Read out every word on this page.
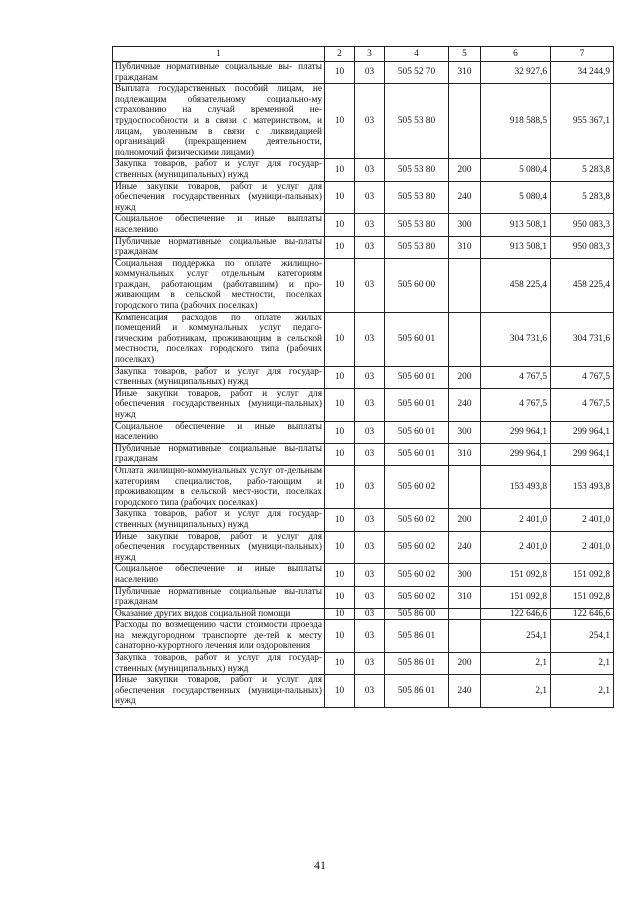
1	2	3	4	5	6	7
Публичные нормативные социальные вы- платы гражданам	10	03	505 52 70	310	32 927,6	34 244,9
Выплата государственных пособий лицам, не подлежащим обязательному социально-му страхованию на случай временной не-трудоспособности и в связи с материнством, и лицам, уволенным в связи с ликвидацией организаций (прекращением деятельности, полномочий физическими лицами)	10	03	505 53 80		918 588,5	955 367,1
Закупка товаров, работ и услуг для государ-ственных (муниципальных) нужд	10	03	505 53 80	200	5 080,4	5 283,8
Иные закупки товаров, работ и услуг для обеспечения государственных (муници-пальных) нужд	10	03	505 53 80	240	5 080,4	5 283,8
Социальное обеспечение и иные выплаты населению	10	03	505 53 80	300	913 508,1	950 083,3
Публичные нормативные социальные вы-платы гражданам	10	03	505 53 80	310	913 508,1	950 083,3
Социальная поддержка по оплате жилищно-коммунальных услуг отдельным категориям граждан, работающим (работавшим) и про-живающим в сельской местности, поселках городского типа (рабочих поселках)	10	03	505 60 00		458 225,4	458 225,4
Компенсация расходов по оплате жилых помещений и коммунальных услуг педаго-гическим работникам, проживающим в сельской местности, поселках городского типа (рабочих поселках)	10	03	505 60 01		304 731,6	304 731,6
Закупка товаров, работ и услуг для государ-ственных (муниципальных) нужд	10	03	505 60 01	200	4 767,5	4 767,5
Иные закупки товаров, работ и услуг для обеспечения государственных (муници-пальных) нужд	10	03	505 60 01	240	4 767,5	4 767,5
Социальное обеспечение и иные выплаты населению	10	03	505 60 01	300	299 964,1	299 964,1
Публичные нормативные социальные вы-платы гражданам	10	03	505 60 01	310	299 964,1	299 964,1
Оплата жилищно-коммунальных услуг от-дельным категориям специалистов, рабо-тающим и проживающим в сельской мест-ности, поселках городского типа (рабочих поселках)	10	03	505 60 02		153 493,8	153 493,8
Закупка товаров, работ и услуг для государ-ственных (муниципальных) нужд	10	03	505 60 02	200	2 401,0	2 401,0
Иные закупки товаров, работ и услуг для обеспечения государственных (муници-пальных) нужд	10	03	505 60 02	240	2 401,0	2 401,0
Социальное обеспечение и иные выплаты населению	10	03	505 60 02	300	151 092,8	151 092,8
Публичные нормативные социальные вы-платы гражданам	10	03	505 60 02	310	151 092,8	151 092,8
Оказание других видов социальной помощи	10	03	505 86 00		122 646,6	122 646,6
Расходы по возмещению части стоимости проезда на междугородном транспорте де-тей к месту санаторно-курортного лечения или оздоровления	10	03	505 86 01		254,1	254,1
Закупка товаров, работ и услуг для государ-ственных (муниципальных) нужд	10	03	505 86 01	200	2,1	2,1
Иные закупки товаров, работ и услуг для обеспечения государственных (муници-пальных) нужд	10	03	505 86 01	240	2,1	2,1
41
